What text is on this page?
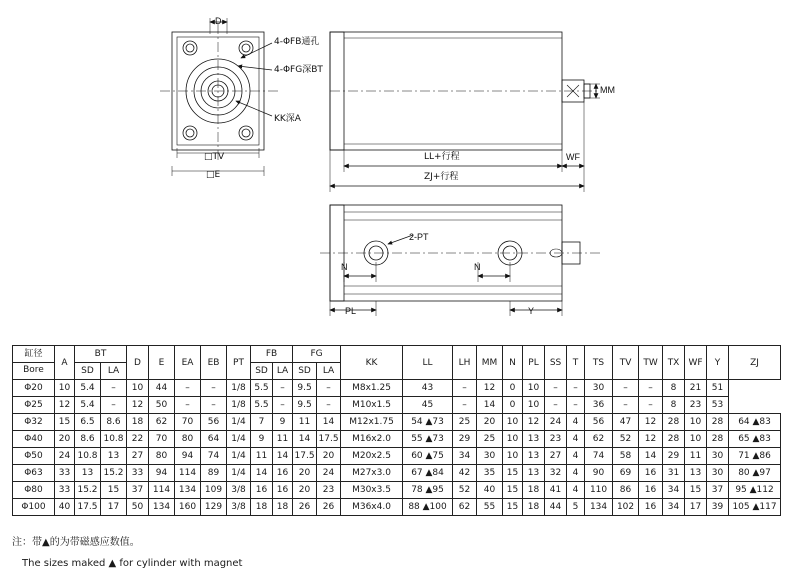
D
4-ΦFB通孔
4-ΦFG深BT
KK深A
□TV
□E
MM
WF
LL+行程
ZJ+行程
2-PT
N	N
PL	Y
缸径
Bore	A	BT		D	E	EA	EB	PT	FB		FG		KK	LL	LH	MM	N	PL	SS	T	TS	TV	TW	TX	WF	Y	ZJ
		SD	LA						SD	LA	SD	LA															
Φ20	10	5.4	–	10	44	–	–	1/8	5.5	–	9.5	–	M8x1.25	43	–	12	0	10	–	–	30	–	–	8	21	51	
Φ25	12	5.4	–	12	50	–	–	1/8	5.5	–	9.5	–	M10x1.5	45	–	14	0	10	–	–	36	–	–	8	23	53	
Φ32	15	6.5	8.6	18	62	70	56	1/4	7	9	11	14	M12x1.75	54 ▲73	25	20	10	12	24	4	56	47	12	28	10	28	64 ▲83
Φ40	20	8.6	10.8	22	70	80	64	1/4	9	11	14	17.5	M16x2.0	55 ▲73	29	25	10	13	23	4	62	52	12	28	10	28	65 ▲83
Φ50	24	10.8	13	27	80	94	74	1/4	11	14	17.5	20	M20x2.5	60 ▲75	34	30	10	13	27	4	74	58	14	29	11	30	71 ▲86
Φ63	33	13	15.2	33	94	114	89	1/4	14	16	20	24	M27x3.0	67 ▲84	42	35	15	13	32	4	90	69	16	31	13	30	80 ▲97
Φ80	33	15.2	15	37	114	134	109	3/8	16	16	20	23	M30x3.5	78 ▲95	52	40	15	18	41	4	110	86	16	34	15	37	95 ▲112
Φ100	40	17.5	17	50	134	160	129	3/8	18	18	26	26	M36x4.0	88 ▲100	62	55	15	18	44	5	134	102	16	34	17	39	105 ▲117
注：带▲的为带磁感应数值。
The sizes maked ▲ for cylinder with magnet
